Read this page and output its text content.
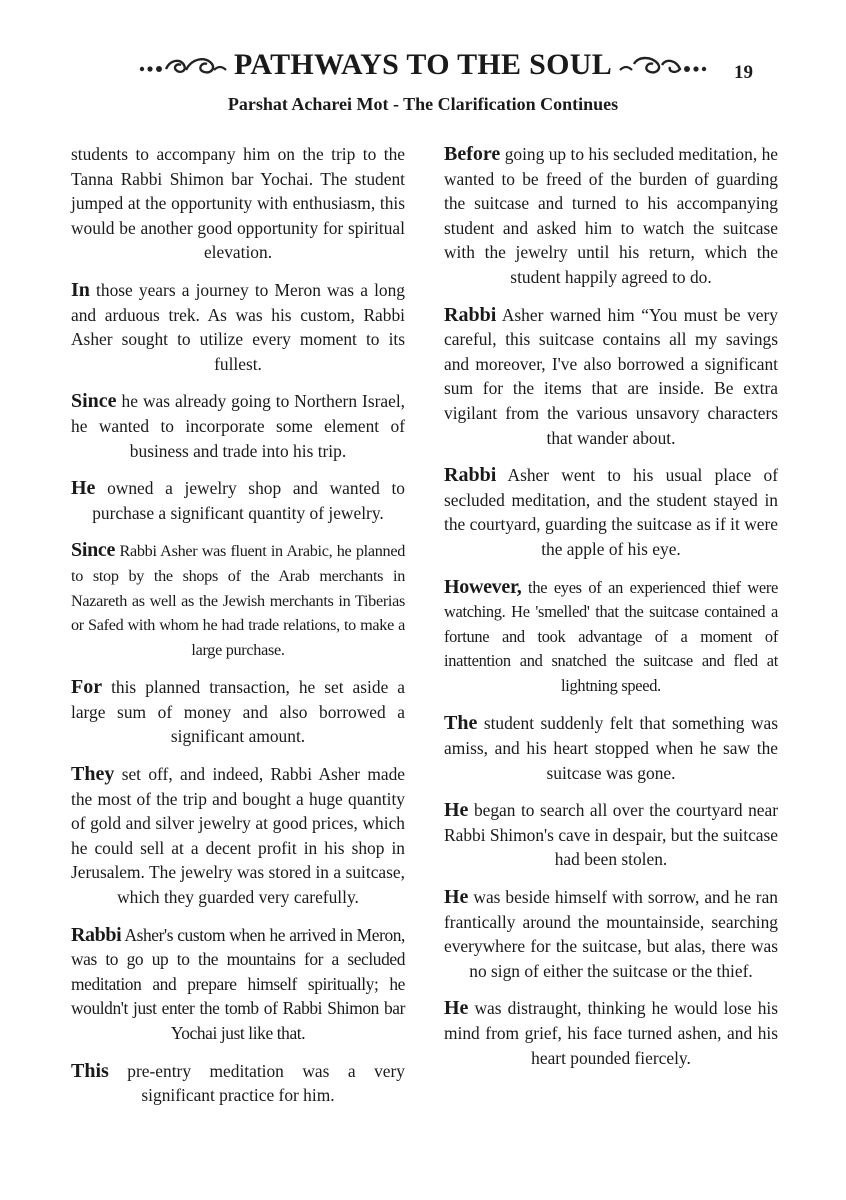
PATHWAYS TO THE SOUL	19
Parshat Acharei Mot - The Clarification Continues

students to accompany him on the trip to the Tanna Rabbi Shimon bar Yochai. The student jumped at the opportunity with enthusiasm, this would be another good opportunity for spiritual elevation.

In those years a journey to Meron was a long and arduous trek. As was his custom, Rabbi Asher sought to utilize every moment to its fullest.

Since he was already going to Northern Israel, he wanted to incorporate some element of business and trade into his trip.

He owned a jewelry shop and wanted to purchase a significant quantity of jewelry.

Since Rabbi Asher was fluent in Arabic, he planned to stop by the shops of the Arab merchants in Nazareth as well as the Jewish merchants in Tiberias or Safed with whom he had trade relations, to make a large purchase.

For this planned transaction, he set aside a large sum of money and also borrowed a significant amount.

They set off, and indeed, Rabbi Asher made the most of the trip and bought a huge quantity of gold and silver jewelry at good prices, which he could sell at a decent profit in his shop in Jerusalem. The jewelry was stored in a suitcase, which they guarded very carefully.

Rabbi Asher's custom when he arrived in Meron, was to go up to the mountains for a secluded meditation and prepare himself spiritually; he wouldn't just enter the tomb of Rabbi Shimon bar Yochai just like that.

This pre-entry meditation was a very significant practice for him.

Before going up to his secluded meditation, he wanted to be freed of the burden of guarding the suitcase and turned to his accompanying student and asked him to watch the suitcase with the jewelry until his return, which the student happily agreed to do.

Rabbi Asher warned him “You must be very careful, this suitcase contains all my savings and moreover, I've also borrowed a significant sum for the items that are inside. Be extra vigilant from the various unsavory characters that wander about.

Rabbi Asher went to his usual place of secluded meditation, and the student stayed in the courtyard, guarding the suitcase as if it were the apple of his eye.

However, the eyes of an experienced thief were watching. He 'smelled' that the suitcase contained a fortune and took advantage of a moment of inattention and snatched the suitcase and fled at lightning speed.

The student suddenly felt that something was amiss, and his heart stopped when he saw the suitcase was gone.

He began to search all over the courtyard near Rabbi Shimon's cave in despair, but the suitcase had been stolen.

He was beside himself with sorrow, and he ran frantically around the mountainside, searching everywhere for the suitcase, but alas, there was no sign of either the suitcase or the thief.

He was distraught, thinking he would lose his mind from grief, his face turned ashen, and his heart pounded fiercely.
